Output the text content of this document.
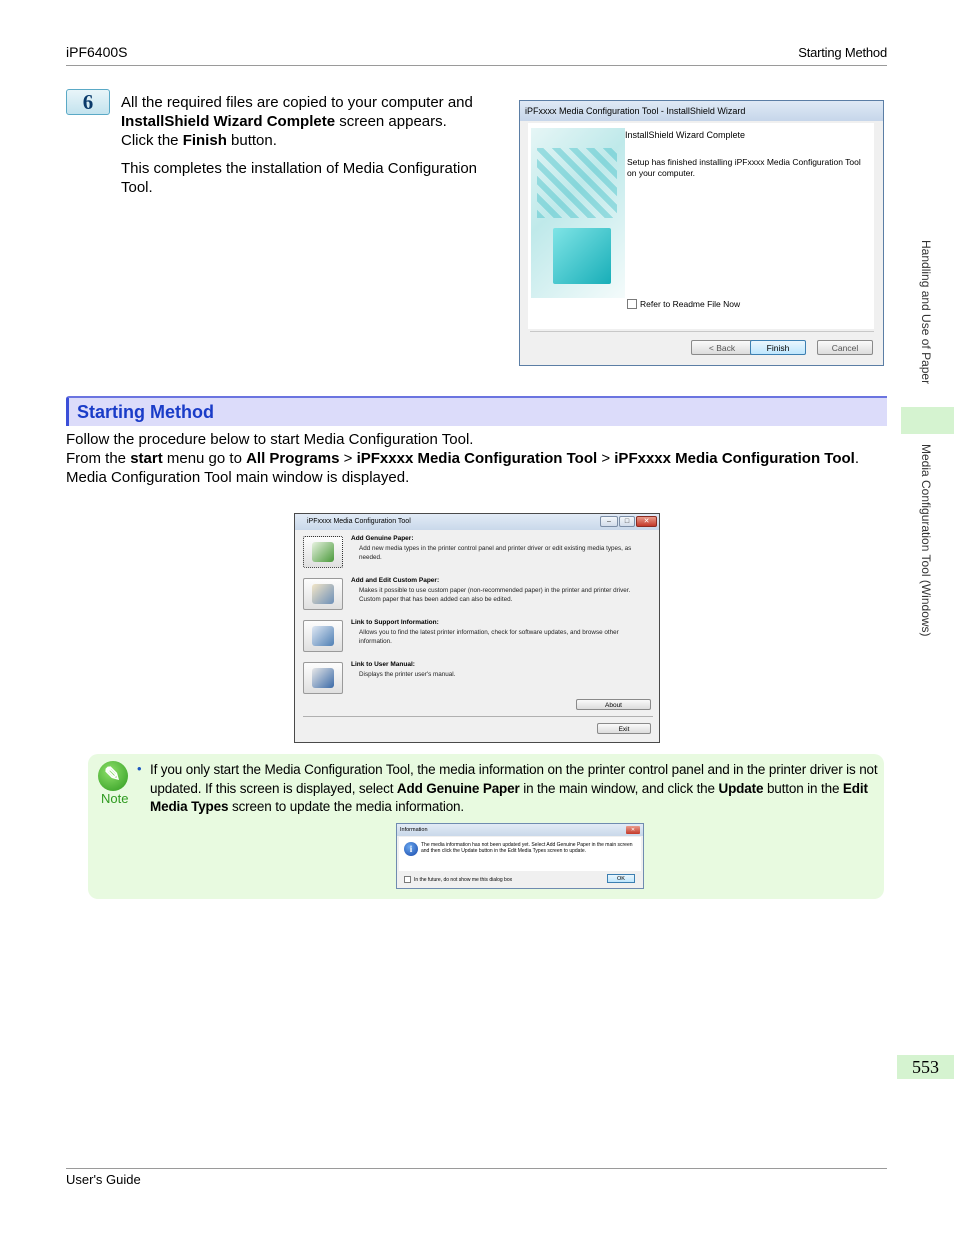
iPF6400S	Starting Method
6	All the required files are copied to your computer and InstallShield Wizard Complete screen appears.
Click the Finish button.

This completes the installation of Media Configuration Tool.

iPFxxxx Media Configuration Tool - InstallShield Wizard
InstallShield Wizard Complete
Setup has finished installing iPFxxxx Media Configuration Tool on your computer.
Refer to Readme File Now
< Back	Finish	Cancel
Starting Method

Follow the procedure below to start Media Configuration Tool.

From the start menu go to All Programs > iPFxxxx Media Configuration Tool > iPFxxxx Media Configuration Tool.

Media Configuration Tool main window is displayed.

iPFxxxx Media Configuration Tool	–	□	✕
Add Genuine Paper:
Add new media types in the printer control panel and printer driver or edit existing media types, as needed.
Add and Edit Custom Paper:
Makes it possible to use custom paper (non-recommended paper) in the printer and printer driver. Custom paper that has been added can also be edited.
Link to Support Information:
Allows you to find the latest printer information, check for software updates, and browse other information.
Link to User Manual:
Displays the printer user's manual.
About
Exit
✎
Note
• If you only start the Media Configuration Tool, the media information on the printer control panel and in the printer driver is not updated. If this screen is displayed, select Add Genuine Paper in the main window, and click the Update button in the Edit Media Types screen to update the media information.
Information	✕
i	The media information has not been updated yet. Select Add Genuine Paper in the main screen and then click the Update button in the Edit Media Types screen to update.
In the future, do not show me this dialog box	OK
Handling and Use of Paper
Media Configuration Tool (Windows)
553
User's Guide
